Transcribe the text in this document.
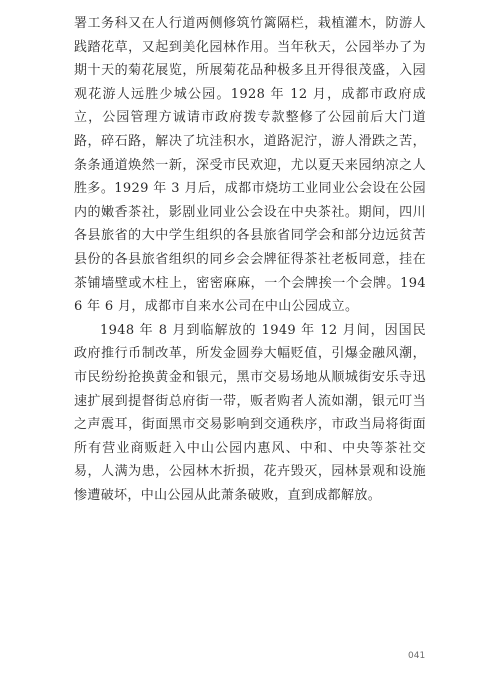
署工务科又在人行道两侧修筑竹篱隔栏，栽植灌木，防游人践踏花草，又起到美化园林作用。当年秋天，公园举办了为期十天的菊花展览，所展菊花品种极多且开得很茂盛，入园观花游人远胜少城公园。1928 年 12 月，成都市政府成立，公园管理方诚请市政府拨专款整修了公园前后大门道路，碎石路，解决了坑洼积水，道路泥泞，游人滑跌之苦，条条通道焕然一新，深受市民欢迎，尤以夏天来园纳凉之人胜多。1929 年 3 月后，成都市烧坊工业同业公会设在公园内的嫩香茶社，影剧业同业公会设在中央茶社。期间，四川各县旅省的大中学生组织的各县旅省同学会和部分边远贫苦县份的各县旅省组织的同乡会会牌征得茶社老板同意，挂在茶铺墙壁或木柱上，密密麻麻，一个会牌挨一个会牌。1946 年 6 月，成都市自来水公司在中山公园成立。

1948 年 8 月到临解放的 1949 年 12 月间，因国民政府推行币制改革，所发金圆券大幅贬值，引爆金融风潮，市民纷纷抢换黄金和银元，黑市交易场地从顺城街安乐寺迅速扩展到提督街总府街一带，贩者购者人流如潮，银元叮当之声震耳，街面黑市交易影响到交通秩序，市政当局将街面所有营业商贩赶入中山公园内惠风、中和、中央等茶社交易，人满为患，公园林木折损，花卉毁灭，园林景观和设施惨遭破坏，中山公园从此萧条破败，直到成都解放。

041
